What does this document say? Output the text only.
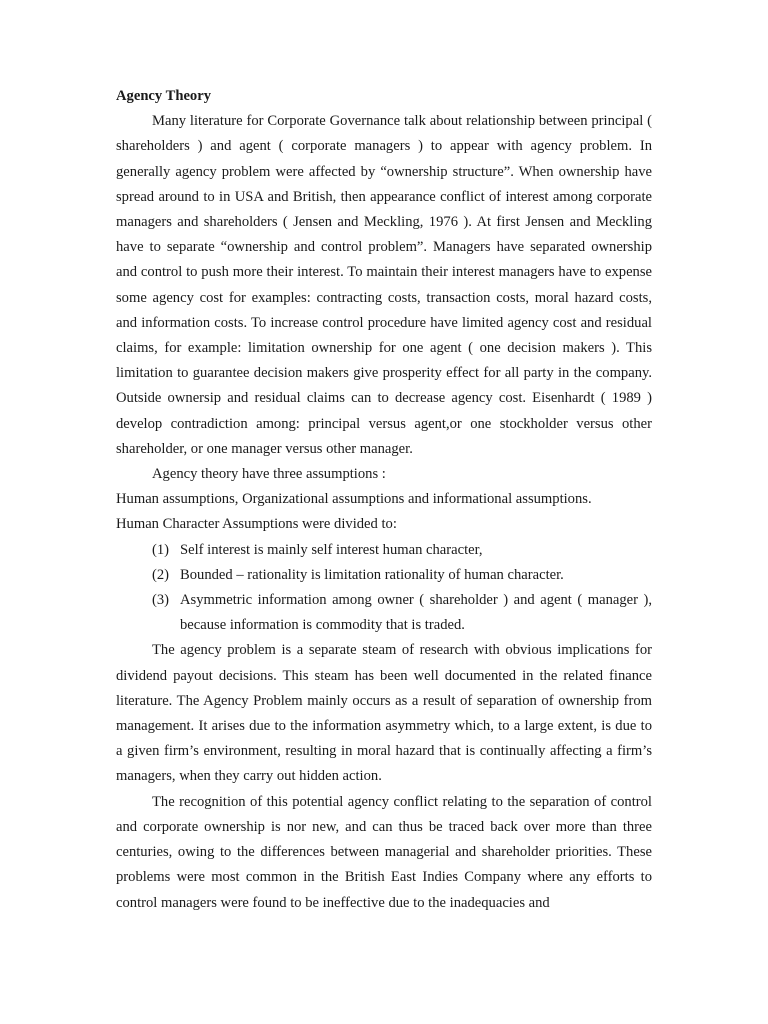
Agency Theory

Many literature for Corporate Governance talk about relationship between principal ( shareholders ) and agent ( corporate managers ) to appear with agency problem. In generally agency problem were affected by “ownership structure”. When ownership have spread around to in USA and British, then appearance conflict of interest among corporate managers and shareholders ( Jensen and Meckling, 1976 ). At first Jensen and Meckling have to separate “ownership and control problem”. Managers have separated ownership and control to push more their interest. To maintain their interest managers have to expense some agency cost for examples: contracting costs, transaction costs, moral hazard costs, and information costs. To increase control procedure have limited agency cost and residual claims, for example: limitation ownership for one agent ( one decision makers ). This limitation to guarantee decision makers give prosperity effect for all party in the company. Outside ownersip and residual claims can to decrease agency cost. Eisenhardt ( 1989 ) develop contradiction among: principal versus agent,or one stockholder versus other shareholder, or one manager versus other manager.

Agency theory have three assumptions :

Human assumptions, Organizational assumptions and informational assumptions.

Human Character Assumptions were divided to:

(1) Self interest is mainly self interest human character,
(2) Bounded – rationality is limitation rationality of human character.
(3) Asymmetric information among owner ( shareholder ) and agent ( manager ), because information is commodity that is traded.

The agency problem is a separate steam of research with obvious implications for dividend payout decisions. This steam has been well documented in the related finance literature. The Agency Problem mainly occurs as a result of separation of ownership from management. It arises due to the information asymmetry which, to a large extent, is due to a given firm’s environment, resulting in moral hazard that is continually affecting a firm’s managers, when they carry out hidden action.

The recognition of this potential agency conflict relating to the separation of control and corporate ownership is nor new, and can thus be traced back over more than three centuries, owing to the differences between managerial and shareholder priorities. These problems were most common in the British East Indies Company where any efforts to control managers were found to be ineffective due to the inadequacies and
